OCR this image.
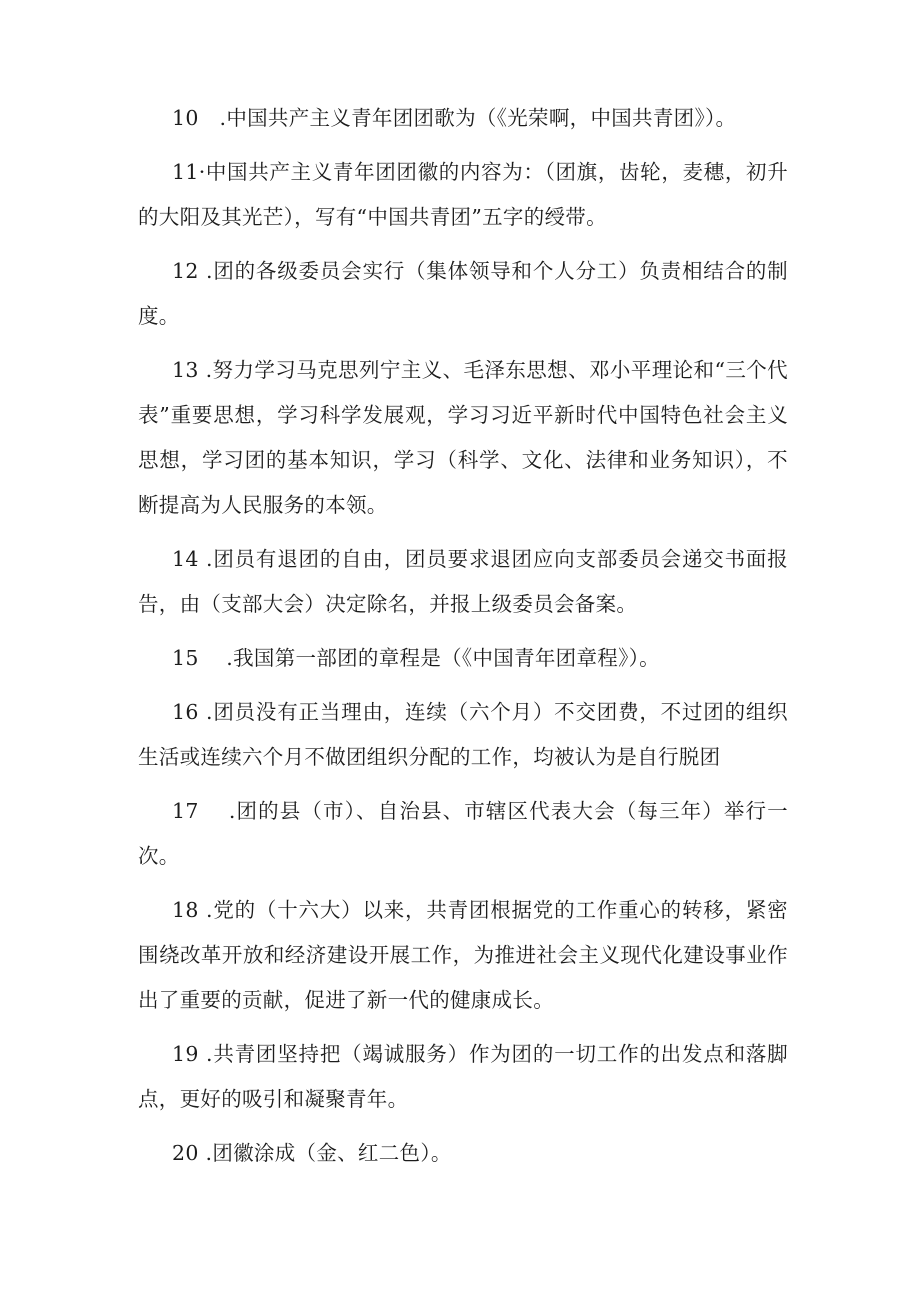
10　.中国共产主义青年团团歌为（《光荣啊，中国共青团》）。

11·中国共产主义青年团团徽的内容为：（团旗，齿轮，麦穗，初升的大阳及其光芒），写有“中国共青团”五字的绶带。

12 .团的各级委员会实行（集体领导和个人分工）负责相结合的制度。

13 .努力学习马克思列宁主义、毛泽东思想、邓小平理论和“三个代表”重要思想，学习科学发展观，学习习近平新时代中国特色社会主义思想，学习团的基本知识，学习（科学、文化、法律和业务知识），不断提高为人民服务的本领。

14 .团员有退团的自由，团员要求退团应向支部委员会递交书面报告，由（支部大会）决定除名，并报上级委员会备案。

15　 .我国第一部团的章程是（《中国青年团章程》）。

16 .团员没有正当理由，连续（六个月）不交团费，不过团的组织生活或连续六个月不做团组织分配的工作，均被认为是自行脱团

17　 .团的县（市）、自治县、市辖区代表大会（每三年）举行一次。

18 .党的（十六大）以来，共青团根据党的工作重心的转移，紧密围绕改革开放和经济建设开展工作，为推进社会主义现代化建设事业作出了重要的贡献，促进了新一代的健康成长。

19 .共青团坚持把（竭诚服务）作为团的一切工作的出发点和落脚点，更好的吸引和凝聚青年。

20 .团徽涂成（金、红二色）。
